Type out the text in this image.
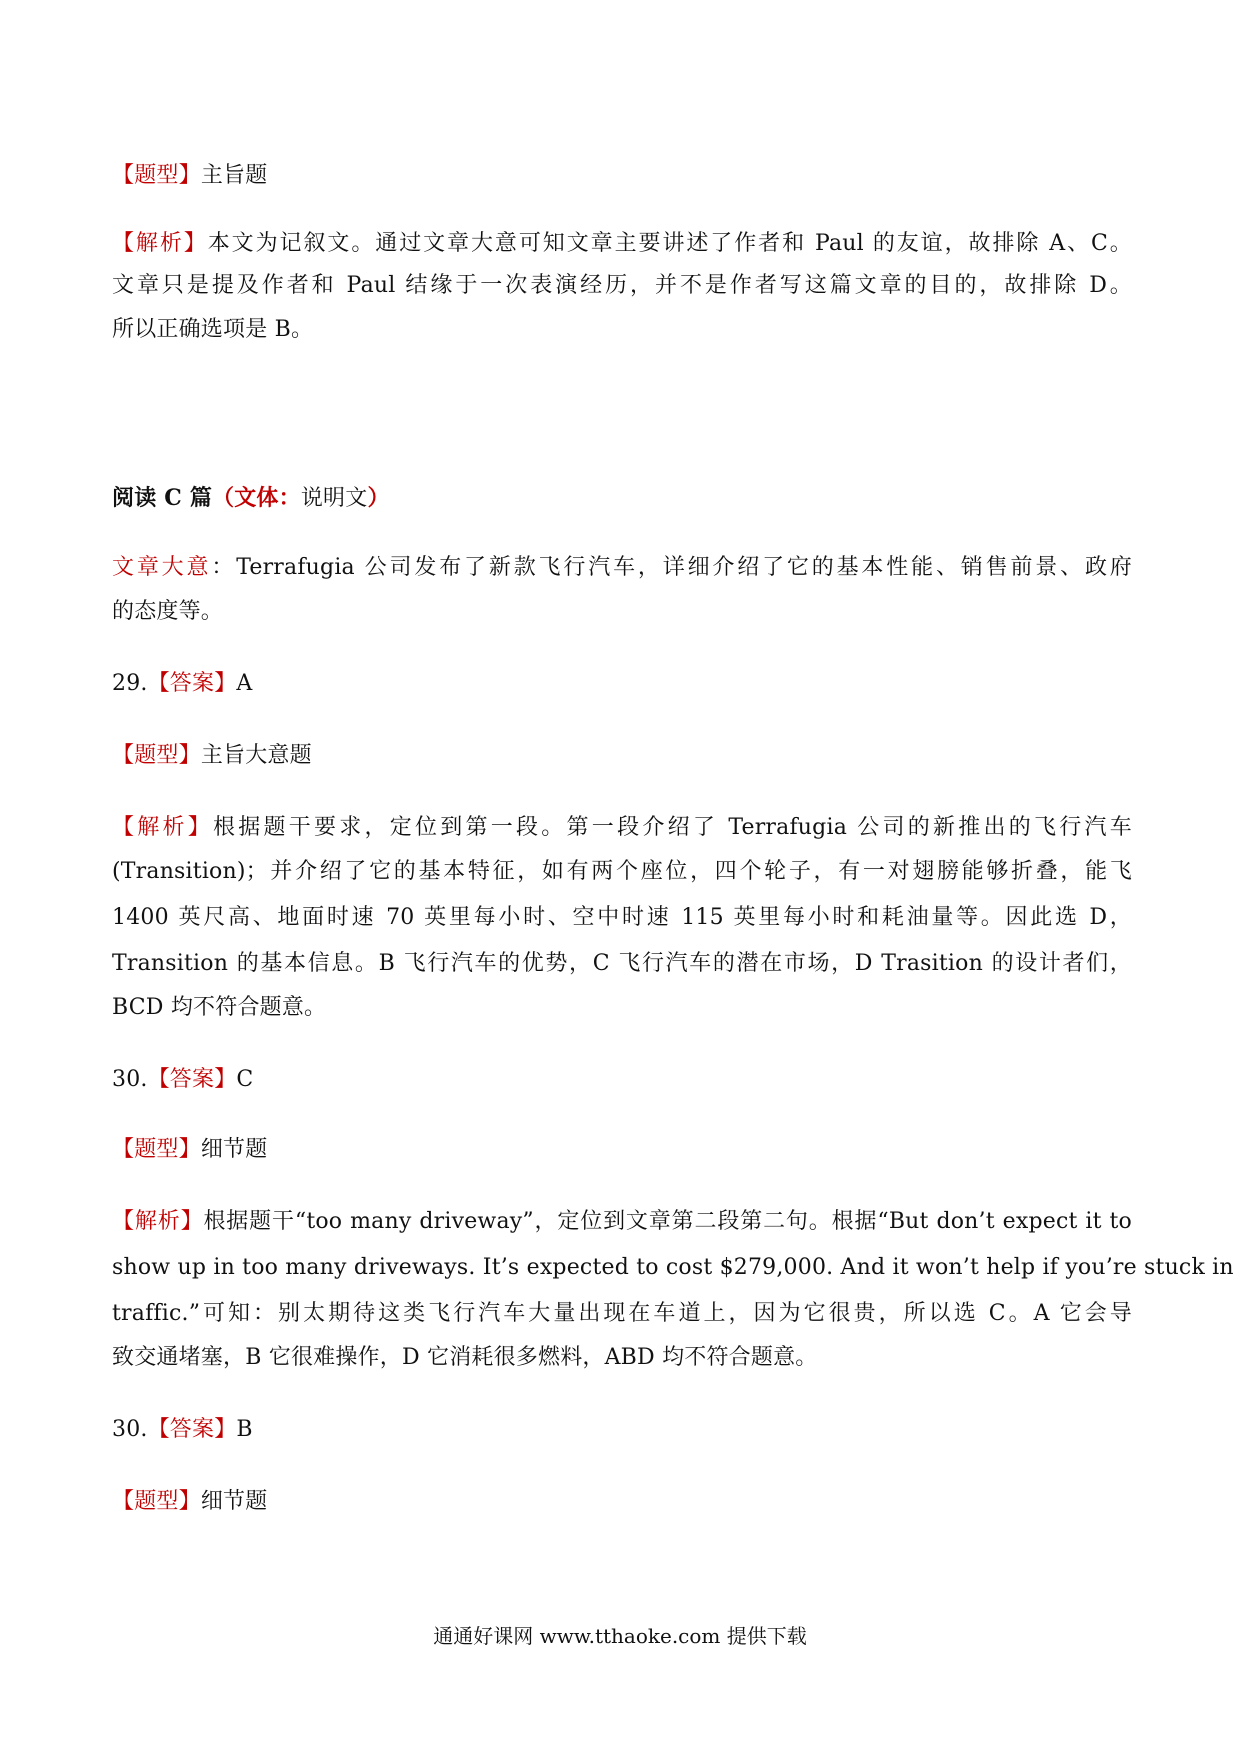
【题型】主旨题
【解析】本文为记叙文。通过文章大意可知文章主要讲述了作者和 Paul 的友谊，故排除 A、C。
文章只是提及作者和 Paul 结缘于一次表演经历，并不是作者写这篇文章的目的，故排除 D。
所以正确选项是 B。
阅读 C 篇（文体：说明文）
文章大意：Terrafugia 公司发布了新款飞行汽车，详细介绍了它的基本性能、销售前景、政府
的态度等。
29.【答案】A
【题型】主旨大意题
【解析】根据题干要求，定位到第一段。第一段介绍了 Terrafugia 公司的新推出的飞行汽车
(Transition)；并介绍了它的基本特征，如有两个座位，四个轮子，有一对翅膀能够折叠，能飞
1400 英尺高、地面时速 70 英里每小时、空中时速 115 英里每小时和耗油量等。因此选 D，
Transition 的基本信息。B 飞行汽车的优势，C 飞行汽车的潜在市场，D Trasition 的设计者们，
BCD 均不符合题意。
30.【答案】C
【题型】细节题
【解析】根据题干“too many driveway”，定位到文章第二段第二句。根据“But don’t expect it to
show up in too many driveways. It’s expected to cost $279,000. And it won’t help if you’re stuck in
traffic.”可知：别太期待这类飞行汽车大量出现在车道上，因为它很贵，所以选 C。A 它会导
致交通堵塞，B 它很难操作，D 它消耗很多燃料，ABD 均不符合题意。
30.【答案】B
【题型】细节题
通通好课网 www.tthaoke.com 提供下载
